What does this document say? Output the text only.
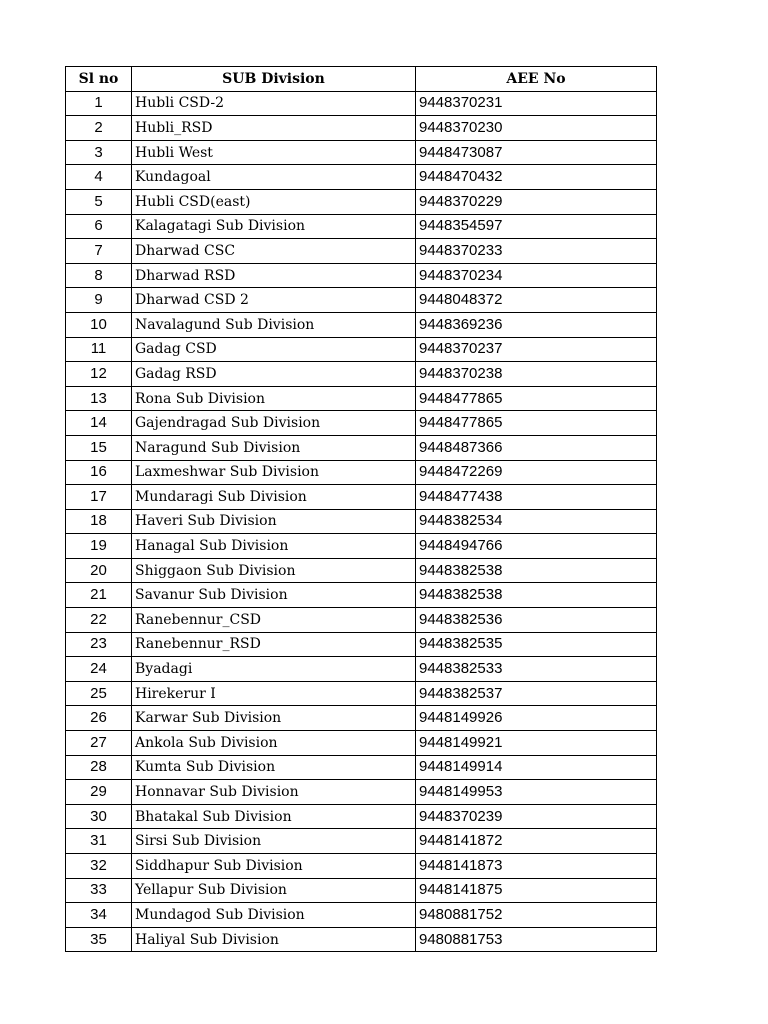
Sl no	SUB Division	AEE No
1	Hubli CSD-2	9448370231
2	Hubli_RSD	9448370230
3	Hubli West	9448473087
4	Kundagoal	9448470432
5	Hubli CSD(east)	9448370229
6	Kalagatagi Sub Division	9448354597
7	Dharwad CSC	9448370233
8	Dharwad RSD	9448370234
9	Dharwad CSD 2	9448048372
10	Navalagund Sub Division	9448369236
11	Gadag CSD	9448370237
12	Gadag RSD	9448370238
13	Rona Sub Division	9448477865
14	Gajendragad Sub Division	9448477865
15	Naragund Sub Division	9448487366
16	Laxmeshwar Sub Division	9448472269
17	Mundaragi Sub Division	9448477438
18	Haveri Sub Division	9448382534
19	Hanagal Sub Division	9448494766
20	Shiggaon Sub Division	9448382538
21	Savanur Sub Division	9448382538
22	Ranebennur_CSD	9448382536
23	Ranebennur_RSD	9448382535
24	Byadagi	9448382533
25	Hirekerur I	9448382537
26	Karwar Sub Division	9448149926
27	Ankola Sub Division	9448149921
28	Kumta Sub Division	9448149914
29	Honnavar Sub Division	9448149953
30	Bhatakal Sub Division	9448370239
31	Sirsi Sub Division	9448141872
32	Siddhapur Sub Division	9448141873
33	Yellapur Sub Division	9448141875
34	Mundagod Sub Division	9480881752
35	Haliyal Sub Division	9480881753
